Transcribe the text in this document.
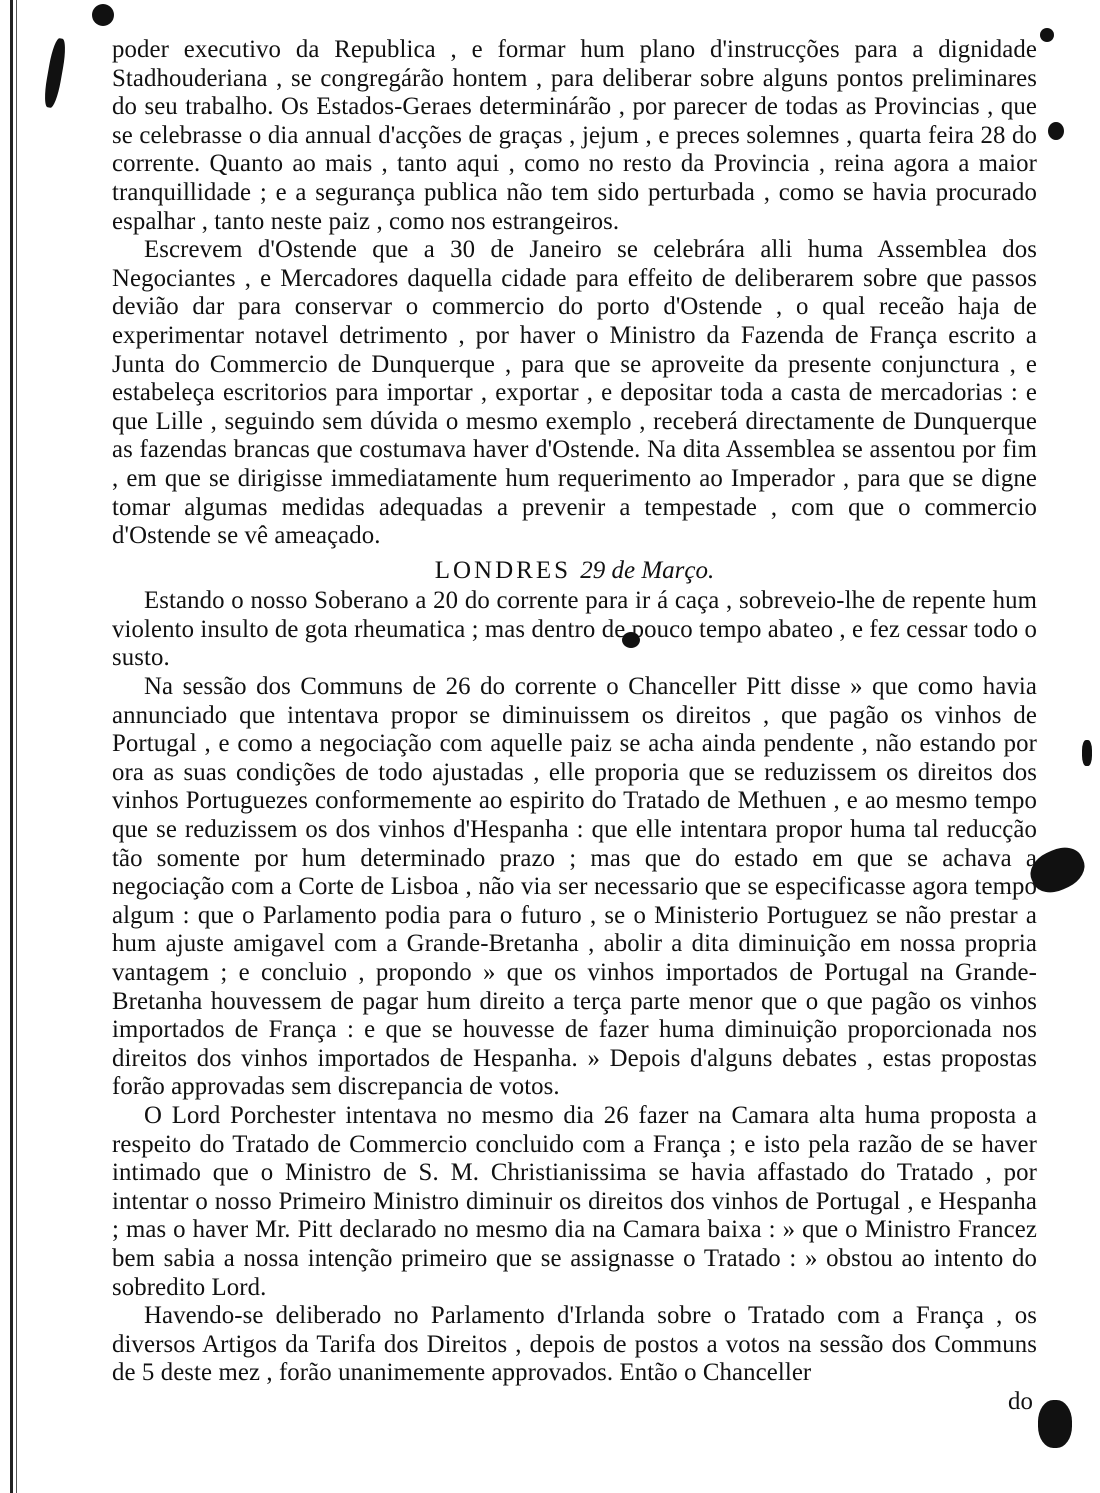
poder executivo da Republica , e formar hum plano d'instrucções para a dignidade Stadhouderiana , se congregárão hontem , para deliberar sobre alguns pontos preliminares do seu trabalho. Os Estados-Geraes determinárão , por parecer de todas as Provincias , que se celebrasse o dia annual d'acções de graças , jejum , e preces solemnes , quarta feira 28 do corrente. Quanto ao mais , tanto aqui , como no resto da Provincia , reina agora a maior tranquillidade ; e a segurança publica não tem sido perturbada , como se havia procurado espalhar , tanto neste paiz , como nos estrangeiros.

Escrevem d'Ostende que a 30 de Janeiro se celebrára alli huma Assemblea dos Negociantes , e Mercadores daquella cidade para effeito de deliberarem sobre que passos devião dar para conservar o commercio do porto d'Ostende , o qual receão haja de experimentar notavel detrimento , por haver o Ministro da Fazenda de França escrito a Junta do Commercio de Dunquerque , para que se aproveite da presente conjunctura , e estabeleça escritorios para importar , exportar , e depositar toda a casta de mercadorias : e que Lille , seguindo sem dúvida o mesmo exemplo , receberá directamente de Dunquerque as fazendas brancas que costumava haver d'Ostende. Na dita Assemblea se assentou por fim , em que se dirigisse immediatamente hum requerimento ao Imperador , para que se digne tomar algumas medidas adequadas a prevenir a tempestade , com que o commercio d'Ostende se vê ameaçado.

LONDRES 29 de Março.

Estando o nosso Soberano a 20 do corrente para ir á caça , sobreveio-lhe de repente hum violento insulto de gota rheumatica ; mas dentro de pouco tempo abateo , e fez cessar todo o susto.

Na sessão dos Communs de 26 do corrente o Chanceller Pitt disse » que como havia annunciado que intentava propor se diminuissem os direitos , que pagão os vinhos de Portugal , e como a negociação com aquelle paiz se acha ainda pendente , não estando por ora as suas condições de todo ajustadas , elle proporia que se reduzissem os direitos dos vinhos Portuguezes conformemente ao espirito do Tratado de Methuen , e ao mesmo tempo que se reduzissem os dos vinhos d'Hespanha : que elle intentara propor huma tal reducção tão somente por hum determinado prazo ; mas que do estado em que se achava a negociação com a Corte de Lisboa , não via ser necessario que se especificasse agora tempo algum : que o Parlamento podia para o futuro , se o Ministerio Portuguez se não prestar a hum ajuste amigavel com a Grande-Bretanha , abolir a dita diminuição em nossa propria vantagem ; e concluio , propondo » que os vinhos importados de Portugal na Grande-Bretanha houvessem de pagar hum direito a terça parte menor que o que pagão os vinhos importados de França : e que se houvesse de fazer huma diminuição proporcionada nos direitos dos vinhos importados de Hespanha. » Depois d'alguns debates , estas propostas forão approvadas sem discrepancia de votos.

O Lord Porchester intentava no mesmo dia 26 fazer na Camara alta huma proposta a respeito do Tratado de Commercio concluido com a França ; e isto pela razão de se haver intimado que o Ministro de S. M. Christianissima se havia affastado do Tratado , por intentar o nosso Primeiro Ministro diminuir os direitos dos vinhos de Portugal , e Hespanha ; mas o haver Mr. Pitt declarado no mesmo dia na Camara baixa : » que o Ministro Francez bem sabia a nossa intenção primeiro que se assignasse o Tratado : » obstou ao intento do sobredito Lord.

Havendo-se deliberado no Parlamento d'Irlanda sobre o Tratado com a França , os diversos Artigos da Tarifa dos Direitos , depois de postos a votos na sessão dos Communs de 5 deste mez , forão unanimemente approvados. Então o Chanceller

do
